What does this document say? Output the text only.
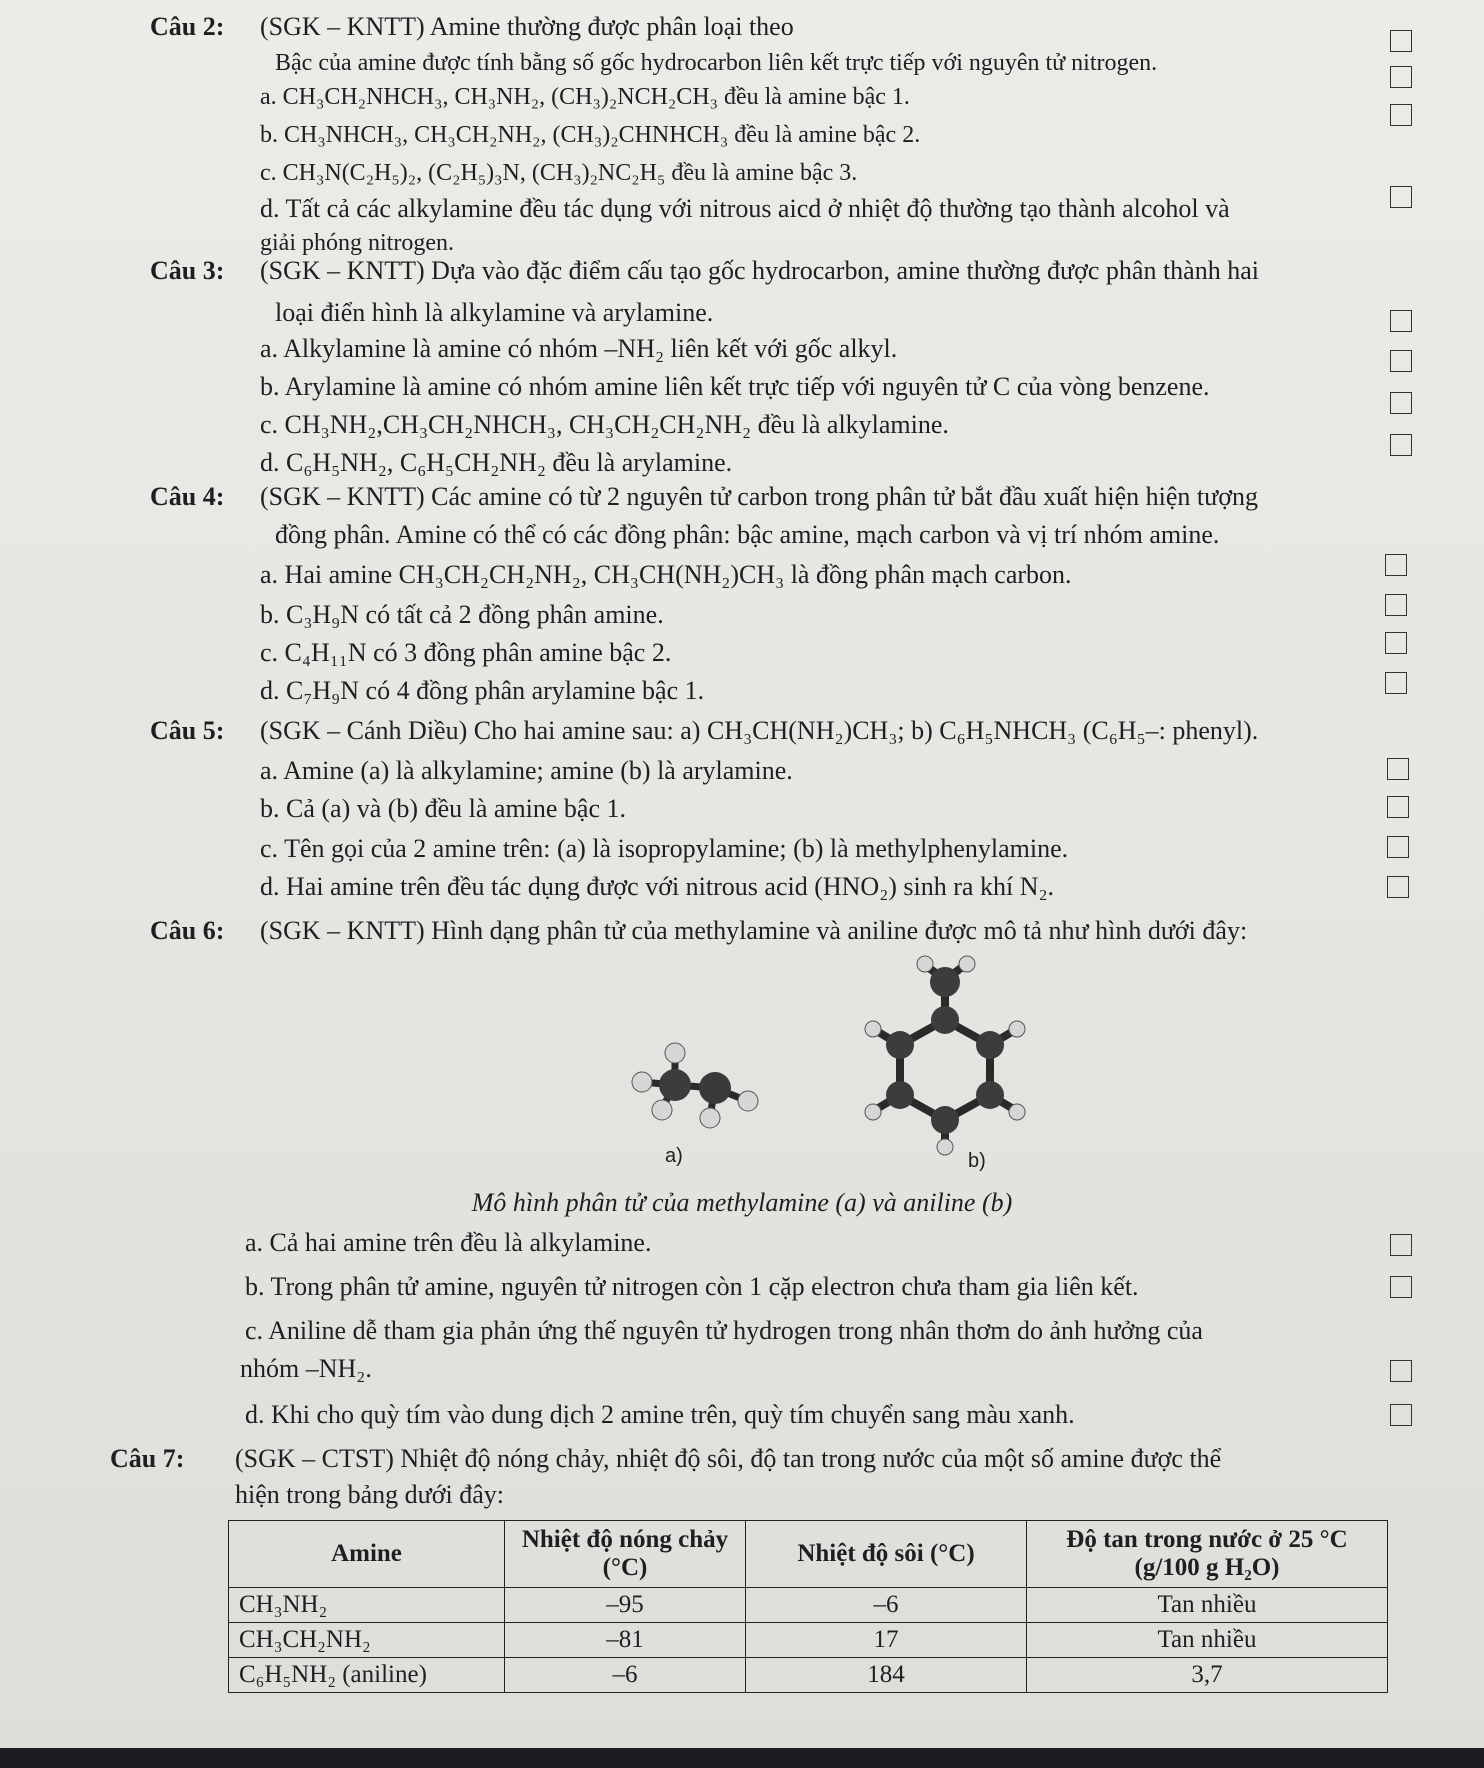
Câu 2: (SGK – KNTT) Amine thường được phân loại theo
Bậc của amine được tính bằng số gốc hydrocarbon liên kết trực tiếp với nguyên tử nitrogen.
a. CH₃CH₂NHCH₃, CH₃NH₂, (CH₃)₂NCH₂CH₃ đều là amine bậc 1.
b. CH₃NHCH₃, CH₃CH₂NH₂, (CH₃)₂CHNHCH₃ đều là amine bậc 2.
c. CH₃N(C₂H₅)₂, (C₂H₅)₃N, (CH₃)₂NC₂H₅ đều là amine bậc 3.
d. Tất cả các alkylamine đều tác dụng với nitrous aicd ở nhiệt độ thường tạo thành alcohol và
giải phóng nitrogen.
Câu 3: (SGK – KNTT) Dựa vào đặc điểm cấu tạo gốc hydrocarbon, amine thường được phân thành hai
loại điển hình là alkylamine và arylamine.
a. Alkylamine là amine có nhóm –NH₂ liên kết với gốc alkyl.
b. Arylamine là amine có nhóm amine liên kết trực tiếp với nguyên tử C của vòng benzene.
c. CH₃NH₂,CH₃CH₂NHCH₃, CH₃CH₂CH₂NH₂ đều là alkylamine.
d. C₆H₅NH₂, C₆H₅CH₂NH₂ đều là arylamine.
Câu 4: (SGK – KNTT) Các amine có từ 2 nguyên tử carbon trong phân tử bắt đầu xuất hiện hiện tượng
đồng phân. Amine có thể có các đồng phân: bậc amine, mạch carbon và vị trí nhóm amine.
a. Hai amine CH₃CH₂CH₂NH₂, CH₃CH(NH₂)CH₃ là đồng phân mạch carbon.
b. C₃H₉N có tất cả 2 đồng phân amine.
c. C₄H₁₁N có 3 đồng phân amine bậc 2.
d. C₇H₉N có 4 đồng phân arylamine bậc 1.
Câu 5: (SGK – Cánh Diều) Cho hai amine sau: a) CH₃CH(NH₂)CH₃; b) C₆H₅NHCH₃ (C₆H₅–: phenyl).
a. Amine (a) là alkylamine; amine (b) là arylamine.
b. Cả (a) và (b) đều là amine bậc 1.
c. Tên gọi của 2 amine trên: (a) là isopropylamine; (b) là methylphenylamine.
d. Hai amine trên đều tác dụng được với nitrous acid (HNO₂) sinh ra khí N₂.
Câu 6: (SGK – KNTT) Hình dạng phân tử của methylamine và aniline được mô tả như hình dưới đây:
a)	b)
Mô hình phân tử của methylamine (a) và aniline (b)
a. Cả hai amine trên đều là alkylamine.
b. Trong phân tử amine, nguyên tử nitrogen còn 1 cặp electron chưa tham gia liên kết.
c. Aniline dễ tham gia phản ứng thế nguyên tử hydrogen trong nhân thơm do ảnh hưởng của
nhóm –NH₂.
d. Khi cho quỳ tím vào dung dịch 2 amine trên, quỳ tím chuyển sang màu xanh.
Câu 7: (SGK – CTST) Nhiệt độ nóng chảy, nhiệt độ sôi, độ tan trong nước của một số amine được thể
hiện trong bảng dưới đây:
Amine	Nhiệt độ nóng chảy (°C)	Nhiệt độ sôi (°C)	Độ tan trong nước ở 25 °C (g/100 g H₂O)
CH₃NH₂	–95	–6	Tan nhiều
CH₃CH₂NH₂	–81	17	Tan nhiều
C₆H₅NH₂ (aniline)	–6	184	3,7
